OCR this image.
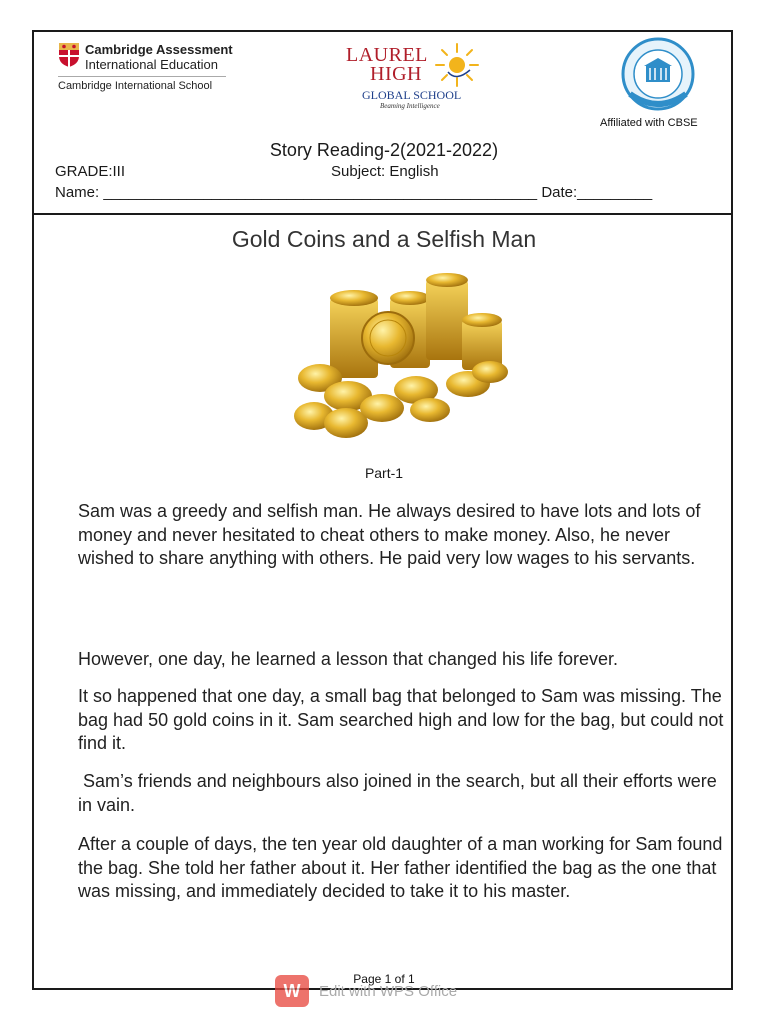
Cambridge Assessment
International Education
Cambridge International School
LAUREL
HIGH
GLOBAL SCHOOL
Beaming Intelligence
Affiliated with CBSE
Story Reading-2(2021-2022)
GRADE:III	Subject: English
Name: ____________________________________________________ Date:_________
Gold Coins and a Selfish Man
Part-1

Sam was a greedy and selfish man. He always desired to have lots and lots of money and never hesitated to cheat others to make money. Also, he never wished to share anything with others. He paid very low wages to his servants.

However, one day, he learned a lesson that changed his life forever.

It so happened that one day, a small bag that belonged to Sam was missing. The bag had 50 gold coins in it. Sam searched high and low for the bag, but could not find it.

Sam’s friends and neighbours also joined in the search, but all their efforts were in vain.

After a couple of days, the ten year old daughter of a man working for Sam found the bag. She told her father about it. Her father identified the bag as the one that was missing, and immediately decided to take it to his master.

W	Edit with WPS Office
Page 1 of 1
